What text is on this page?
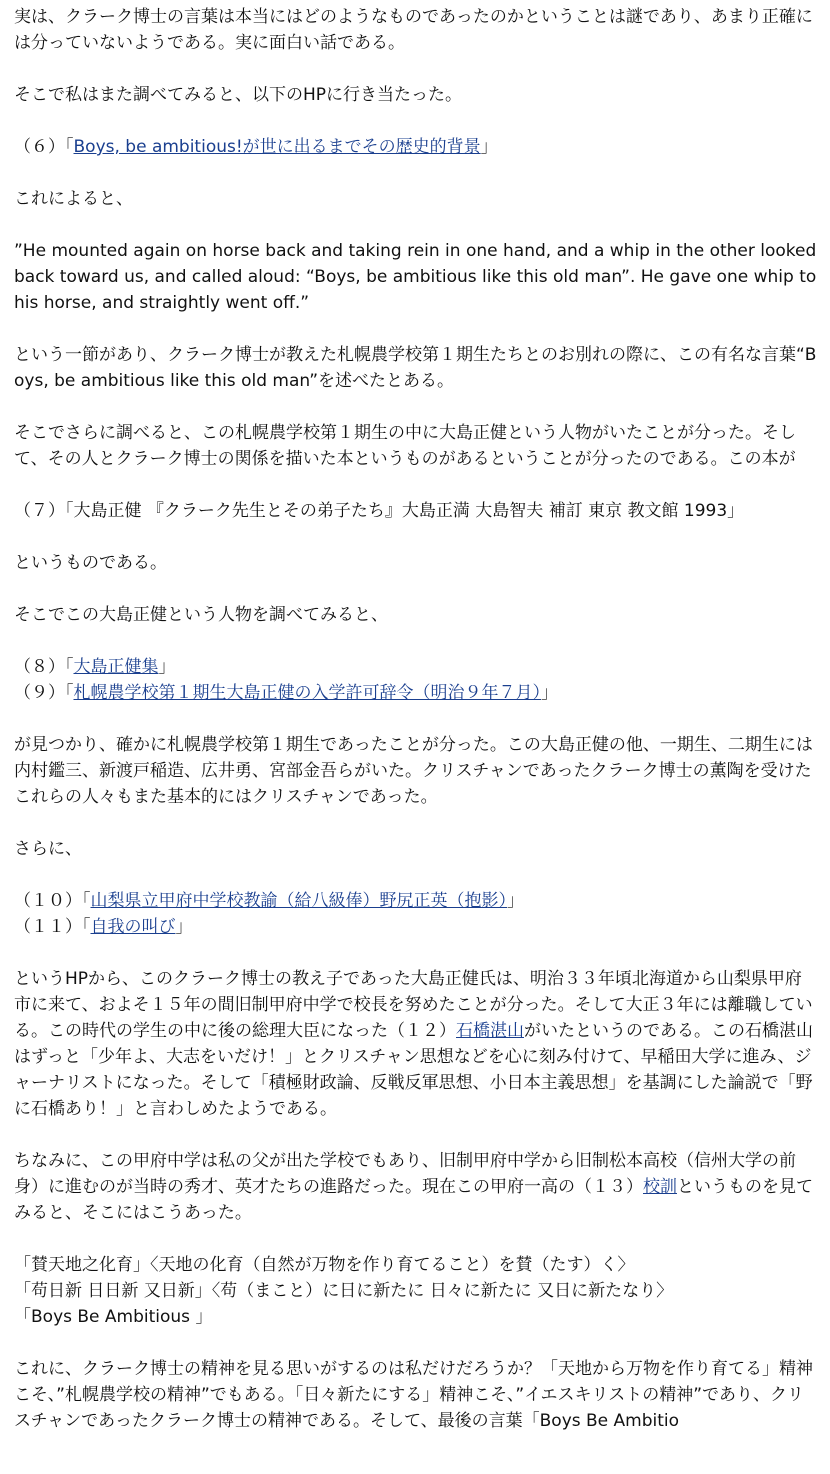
実は、クラーク博士の言葉は本当にはどのようなものであったのかということは謎であり、あまり正確には分っていないようである。実に面白い話である。

そこで私はまた調べてみると、以下のHPに行き当たった。

（６）「Boys, be ambitious!が世に出るまでその歴史的背景」

これによると、

”He mounted again on horse back and taking rein in one hand, and a whip in the other looked back toward us, and called aloud: “Boys, be ambitious like this old man”. He gave one whip to his horse, and straightly went off.”

という一節があり、クラーク博士が教えた札幌農学校第１期生たちとのお別れの際に、この有名な言葉“Boys, be ambitious like this old man”を述べたとある。

そこでさらに調べると、この札幌農学校第１期生の中に大島正健という人物がいたことが分った。そして、その人とクラーク博士の関係を描いた本というものがあるということが分ったのである。この本が

（７）「大島正健 『クラーク先生とその弟子たち』大島正満 大島智夫 補訂 東京 教文館 1993」

というものである。

そこでこの大島正健という人物を調べてみると、

（８）「大島正健集」

（９）「札幌農学校第１期生大島正健の入学許可辞令（明治９年７月）」

が見つかり、確かに札幌農学校第１期生であったことが分った。この大島正健の他、一期生、二期生には内村鑑三、新渡戸稲造、広井勇、宮部金吾らがいた。クリスチャンであったクラーク博士の薫陶を受けたこれらの人々もまた基本的にはクリスチャンであった。

さらに、

（１０）「山梨県立甲府中学校教諭（給八級俸）野尻正英（抱影）」

（１１）「自我の叫び」

というHPから、このクラーク博士の教え子であった大島正健氏は、明治３３年頃北海道から山梨県甲府市に来て、およそ１５年の間旧制甲府中学で校長を努めたことが分った。そして大正３年には離職している。この時代の学生の中に後の総理大臣になった（１２）石橋湛山がいたというのである。この石橋湛山はずっと「少年よ、大志をいだけ！」とクリスチャン思想などを心に刻み付けて、早稲田大学に進み、ジャーナリストになった。そして「積極財政論、反戦反軍思想、小日本主義思想」を基調にした論説で「野に石橋あり！」と言わしめたようである。

ちなみに、この甲府中学は私の父が出た学校でもあり、旧制甲府中学から旧制松本高校（信州大学の前身）に進むのが当時の秀才、英才たちの進路だった。現在この甲府一高の（１３）校訓というものを見てみると、そこにはこうあった。

「賛天地之化育」〈天地の化育（自然が万物を作り育てること）を賛（たす）く〉

「苟日新 日日新 又日新」〈苟（まこと）に日に新たに 日々に新たに 又日に新たなり〉

「Boys Be Ambitious 」

これに、クラーク博士の精神を見る思いがするのは私だけだろうか？「天地から万物を作り育てる」精神こそ、”札幌農学校の精神”でもある。「日々新たにする」精神こそ、”イエスキリストの精神”であり、クリスチャンであったクラーク博士の精神である。そして、最後の言葉「Boys Be Ambitio
